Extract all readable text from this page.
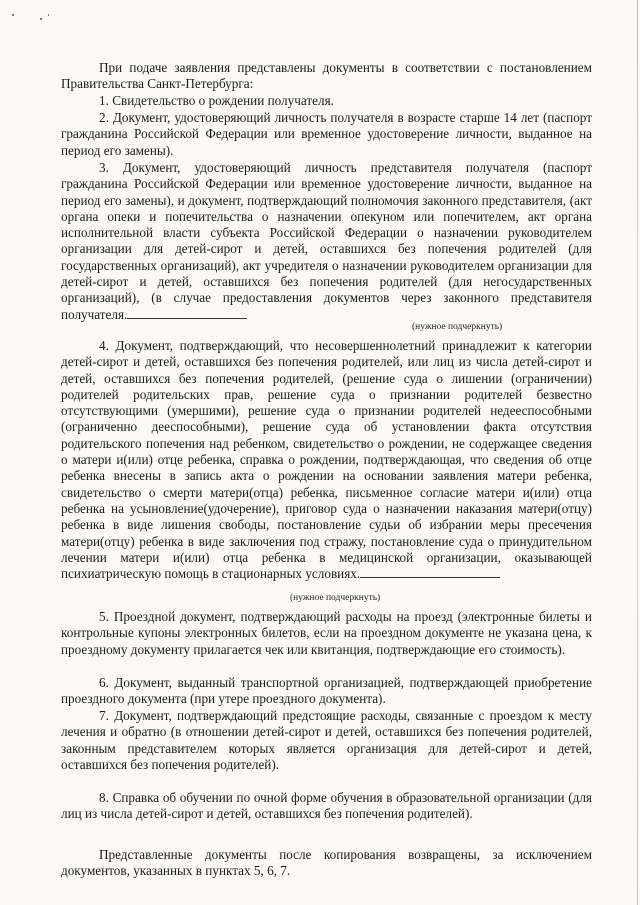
При подаче заявления представлены документы в соответствии с постановлением Правительства Санкт-Петербурга:

1. Свидетельство о рождении получателя.

2. Документ, удостоверяющий личность получателя в возрасте старше 14 лет (паспорт гражданина Российской Федерации или временное удостоверение личности, выданное на период его замены).

3. Документ, удостоверяющий личность представителя получателя (паспорт гражданина Российской Федерации или временное удостоверение личности, выданное на период его замены), и документ, подтверждающий полномочия законного представителя, (акт органа опеки и попечительства о назначении опекуном или попечителем, акт органа исполнительной власти субъекта Российской Федерации о назначении руководителем организации для детей-сирот и детей, оставшихся без попечения родителей (для государственных организаций), акт учредителя о назначении руководителем организации для детей-сирот и детей, оставшихся без попечения родителей (для негосударственных организаций), (в случае предоставления документов через законного представителя получателя.

(нужное подчеркнуть)

4. Документ, подтверждающий, что несовершеннолетний принадлежит к категории детей-сирот и детей, оставшихся без попечения родителей, или лиц из числа детей-сирот и детей, оставшихся без попечения родителей, (решение суда о лишении (ограничении) родителей родительских прав, решение суда о признании родителей безвестно отсутствующими (умершими), решение суда о признании родителей недееспособными (ограниченно дееспособными), решение суда об установлении факта отсутствия родительского попечения над ребенком, свидетельство о рождении, не содержащее сведения о матери и(или) отце ребенка, справка о рождении, подтверждающая, что сведения об отце ребенка внесены в запись акта о рождении на основании заявления матери ребенка, свидетельство о смерти матери(отца) ребенка, письменное согласие матери и(или) отца ребенка на усыновление(удочерение), приговор суда о назначении наказания матери(отцу) ребенка в виде лишения свободы, постановление судьи об избрании меры пресечения матери(отцу) ребенка в виде заключения под стражу, постановление суда о принудительном лечении матери и(или) отца ребенка в медицинской организации, оказывающей психиатрическую помощь в стационарных условиях.

(нужное подчеркнуть)

5. Проездной документ, подтверждающий расходы на проезд (электронные билеты и контрольные купоны электронных билетов, если на проездном документе не указана цена, к проездному документу прилагается чек или квитанция, подтверждающие его стоимость).

6. Документ, выданный транспортной организацией, подтверждающей приобретение проездного документа (при утере проездного документа).

7. Документ, подтверждающий предстоящие расходы, связанные с проездом к месту лечения и обратно (в отношении детей-сирот и детей, оставшихся без попечения родителей, законным представителем которых является организация для детей-сирот и детей, оставшихся без попечения родителей).

8. Справка об обучении по очной форме обучения в образовательной организации (для лиц из числа детей-сирот и детей, оставшихся без попечения родителей).

Представленные документы после копирования возвращены, за исключением документов, указанных в пунктах 5, 6, 7.
